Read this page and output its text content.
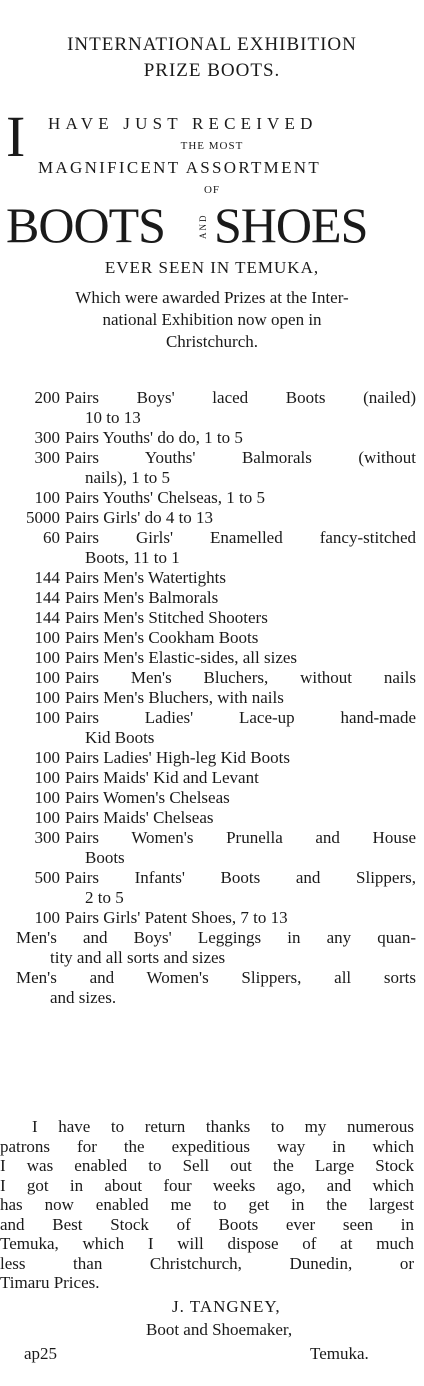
INTERNATIONAL EXHIBITION
PRIZE BOOTS.
I HAVE JUST RECEIVED
THE MOST
MAGNIFICENT ASSORTMENT
OF
BOOTS	AND SHOES
EVER SEEN IN TEMUKA,
Which were awarded Prizes at the Inter-
national Exhibition now open in
Christchurch.
200 Pairs Boys' laced Boots (nailed)
10 to 13
300 Pairs Youths' do do, 1 to 5
300 Pairs Youths' Balmorals (without
nails), 1 to 5
100 Pairs Youths' Chelseas, 1 to 5
5000 Pairs Girls' do 4 to 13
60 Pairs Girls' Enamelled fancy-stitched
Boots, 11 to 1
144 Pairs Men's Watertights
144 Pairs Men's Balmorals
144 Pairs Men's Stitched Shooters
100 Pairs Men's Cookham Boots
100 Pairs Men's Elastic-sides, all sizes
100 Pairs Men's Bluchers, without nails
100 Pairs Men's Bluchers, with nails
100 Pairs Ladies' Lace-up hand-made
Kid Boots
100 Pairs Ladies' High-leg Kid Boots
100 Pairs Maids' Kid and Levant
100 Pairs Women's Chelseas
100 Pairs Maids' Chelseas
300 Pairs Women's Prunella and House
Boots
500 Pairs Infants' Boots and Slippers,
2 to 5
100 Pairs Girls' Patent Shoes, 7 to 13
Men's and Boys' Leggings in any quan-
tity and all sorts and sizes
Men's and Women's Slippers, all sorts
and sizes.
I have to return thanks to my numerous
patrons for the expeditious way in which
I was enabled to Sell out the Large Stock
I got in about four weeks ago, and which
has now enabled me to get in the largest
and Best Stock of Boots ever seen in
Temuka, which I will dispose of at much
less than Christchurch, Dunedin, or
Timaru Prices.
J. TANGNEY,
Boot and Shoemaker,
ap25	Temuka.
